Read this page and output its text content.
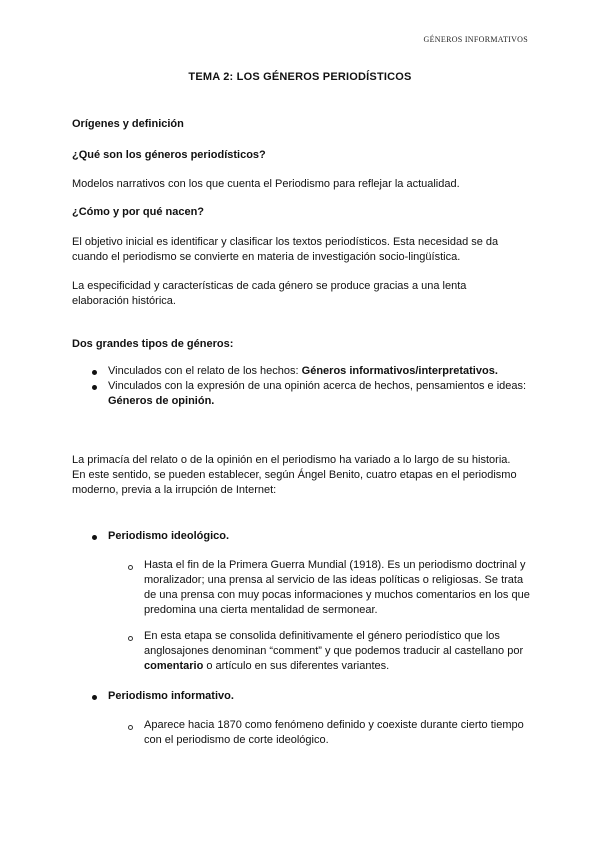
GÉNEROS INFORMATIVOS
TEMA 2: LOS GÉNEROS PERIODÍSTICOS
Orígenes y definición
¿Qué son los géneros periodísticos?
Modelos narrativos con los que cuenta el Periodismo para reflejar la actualidad.
¿Cómo y por qué nacen?
El objetivo inicial es identificar y clasificar los textos periodísticos. Esta necesidad se da cuando el periodismo se convierte en materia de investigación socio-lingüística.
La especificidad y características de cada género se produce gracias a una lenta elaboración histórica.
Dos grandes tipos de géneros:
Vinculados con el relato de los hechos: Géneros informativos/interpretativos.
Vinculados con la expresión de una opinión acerca de hechos, pensamientos e ideas: Géneros de opinión.
La primacía del relato o de la opinión en el periodismo ha variado a lo largo de su historia. En este sentido, se pueden establecer, según Ángel Benito, cuatro etapas en el periodismo moderno, previa a la irrupción de Internet:
Periodismo ideológico.
Hasta el fin de la Primera Guerra Mundial (1918). Es un periodismo doctrinal y moralizador; una prensa al servicio de las ideas políticas o religiosas. Se trata de una prensa con muy pocas informaciones y muchos comentarios en los que predomina una cierta mentalidad de sermonear.
En esta etapa se consolida definitivamente el género periodístico que los anglosajones denominan “comment” y que podemos traducir al castellano por comentario o artículo en sus diferentes variantes.
Periodismo informativo.
Aparece hacia 1870 como fenómeno definido y coexiste durante cierto tiempo con el periodismo de corte ideológico.
